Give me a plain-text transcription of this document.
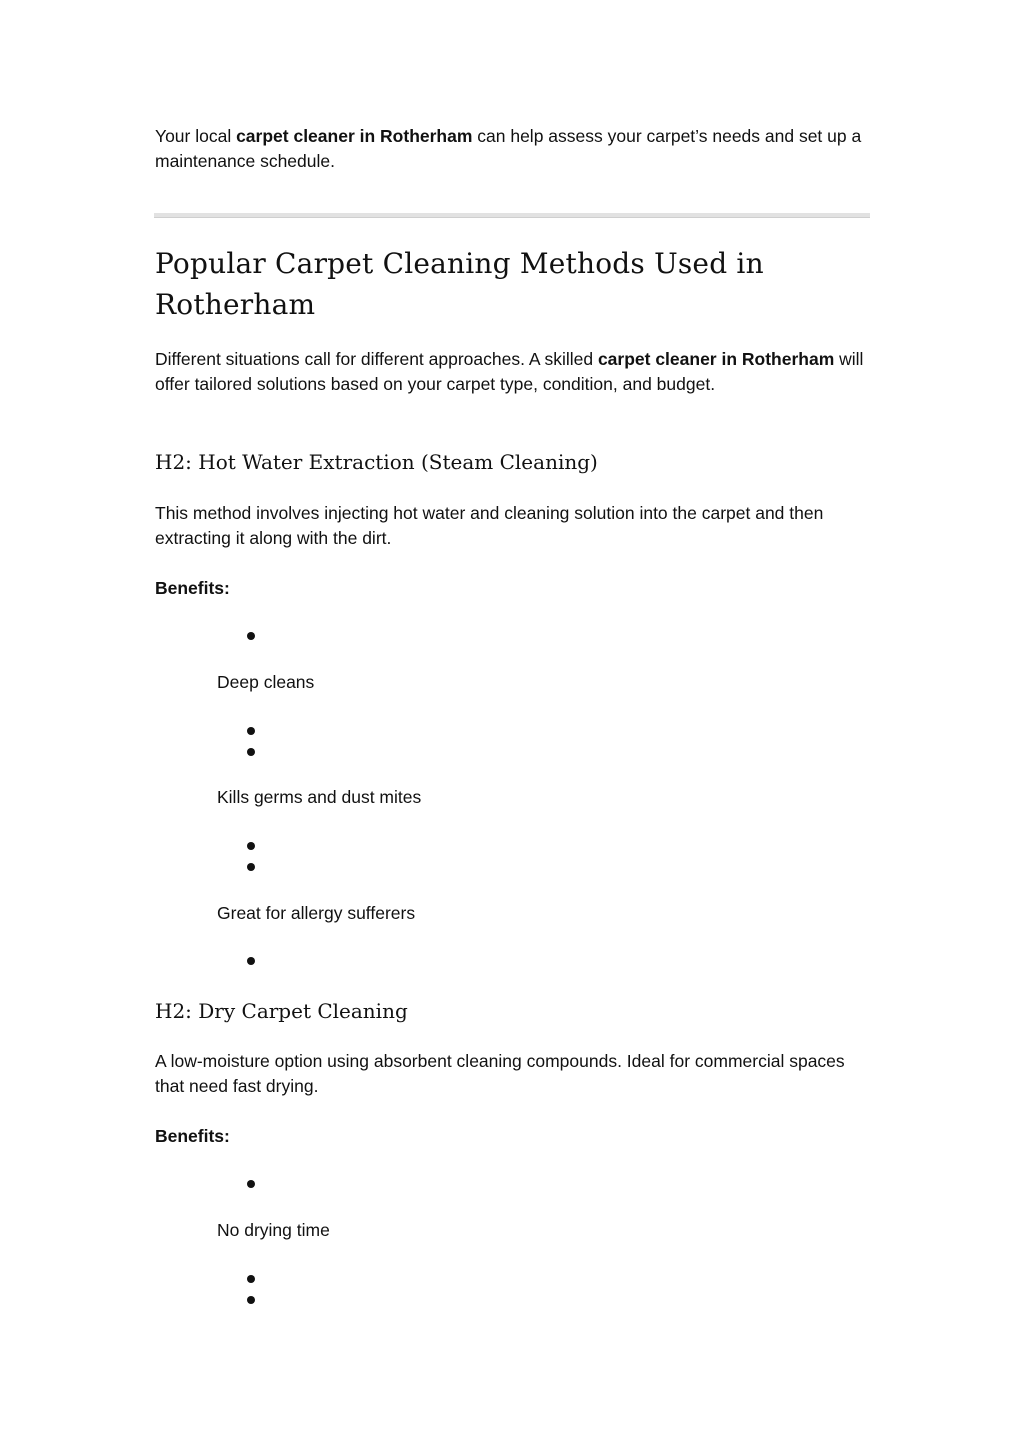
Your local carpet cleaner in Rotherham can help assess your carpet’s needs and set up a maintenance schedule.

Popular Carpet Cleaning Methods Used in Rotherham

Different situations call for different approaches. A skilled carpet cleaner in Rotherham will offer tailored solutions based on your carpet type, condition, and budget.

H2: Hot Water Extraction (Steam Cleaning)

This method involves injecting hot water and cleaning solution into the carpet and then extracting it along with the dirt.

Benefits:

Deep cleans

Kills germs and dust mites

Great for allergy sufferers

H2: Dry Carpet Cleaning

A low-moisture option using absorbent cleaning compounds. Ideal for commercial spaces that need fast drying.

Benefits:

No drying time
